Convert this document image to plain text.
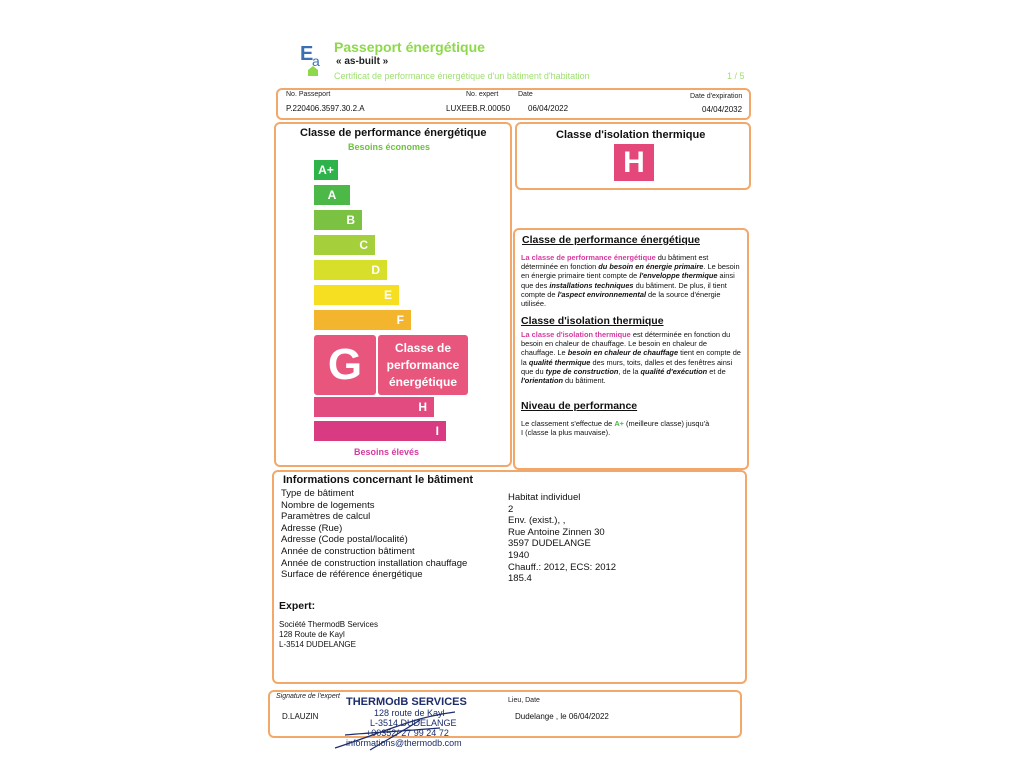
E
a
Passeport énergétique
« as-built »
Certificat de performance énergétique d'un bâtiment d'habitation	1 / 5
No. Passeport
P.220406.3597.30.2.A
No. expert
LUXEEB.R.00050
Date
06/04/2022
Date d'expiration
04/04/2032
Classe de performance énergétique
Besoins économes
A+
A
B
C
D
E
F
G	Classe de
performance
énergétique
H
I
Besoins élevés
Classe d'isolation thermique
H
Classe de performance énergétique
La classe de performance énergétique du bâtiment est déterminée en fonction du besoin en énergie primaire. Le besoin en énergie primaire tient compte de l'enveloppe thermique ainsi que des installations techniques du bâtiment. De plus, il tient compte de l'aspect environnemental de la source d'énergie utilisée.
Classe d'isolation thermique
La classe d'isolation thermique est déterminée en fonction du besoin en chaleur de chauffage. Le besoin en chaleur de chauffage. Le besoin en chaleur de chauffage tient en compte de la qualité thermique des murs, toits, dalles et des fenêtres ainsi que du type de construction, de la qualité d'exécution et de l'orientation du bâtiment.
Niveau de performance
Le classement s'effectue de A+ (meilleure classe) jusqu'à I (classe la plus mauvaise).
Informations concernant le bâtiment
Type de bâtiment
Nombre de logements
Paramètres de calcul
Adresse (Rue)
Adresse (Code postal/localité)
Année de construction bâtiment
Année de construction installation chauffage
Surface de référence énergétique
Habitat individuel
2
Env. (exist.), ,
Rue Antoine Zinnen 30
3597 DUDELANGE
1940
Chauff.: 2012, ECS: 2012
185.4
Expert:
Société ThermodB Services
128 Route de Kayl
L-3514 DUDELANGE
Signature de l'expert
D.LAUZIN
Lieu, Date
Dudelange , le 06/04/2022
THERMOdB SERVICES
128 route de Kayl
L-3514 DUDELANGE
+00352/ 27 99 24 72
informations@thermodb.com
